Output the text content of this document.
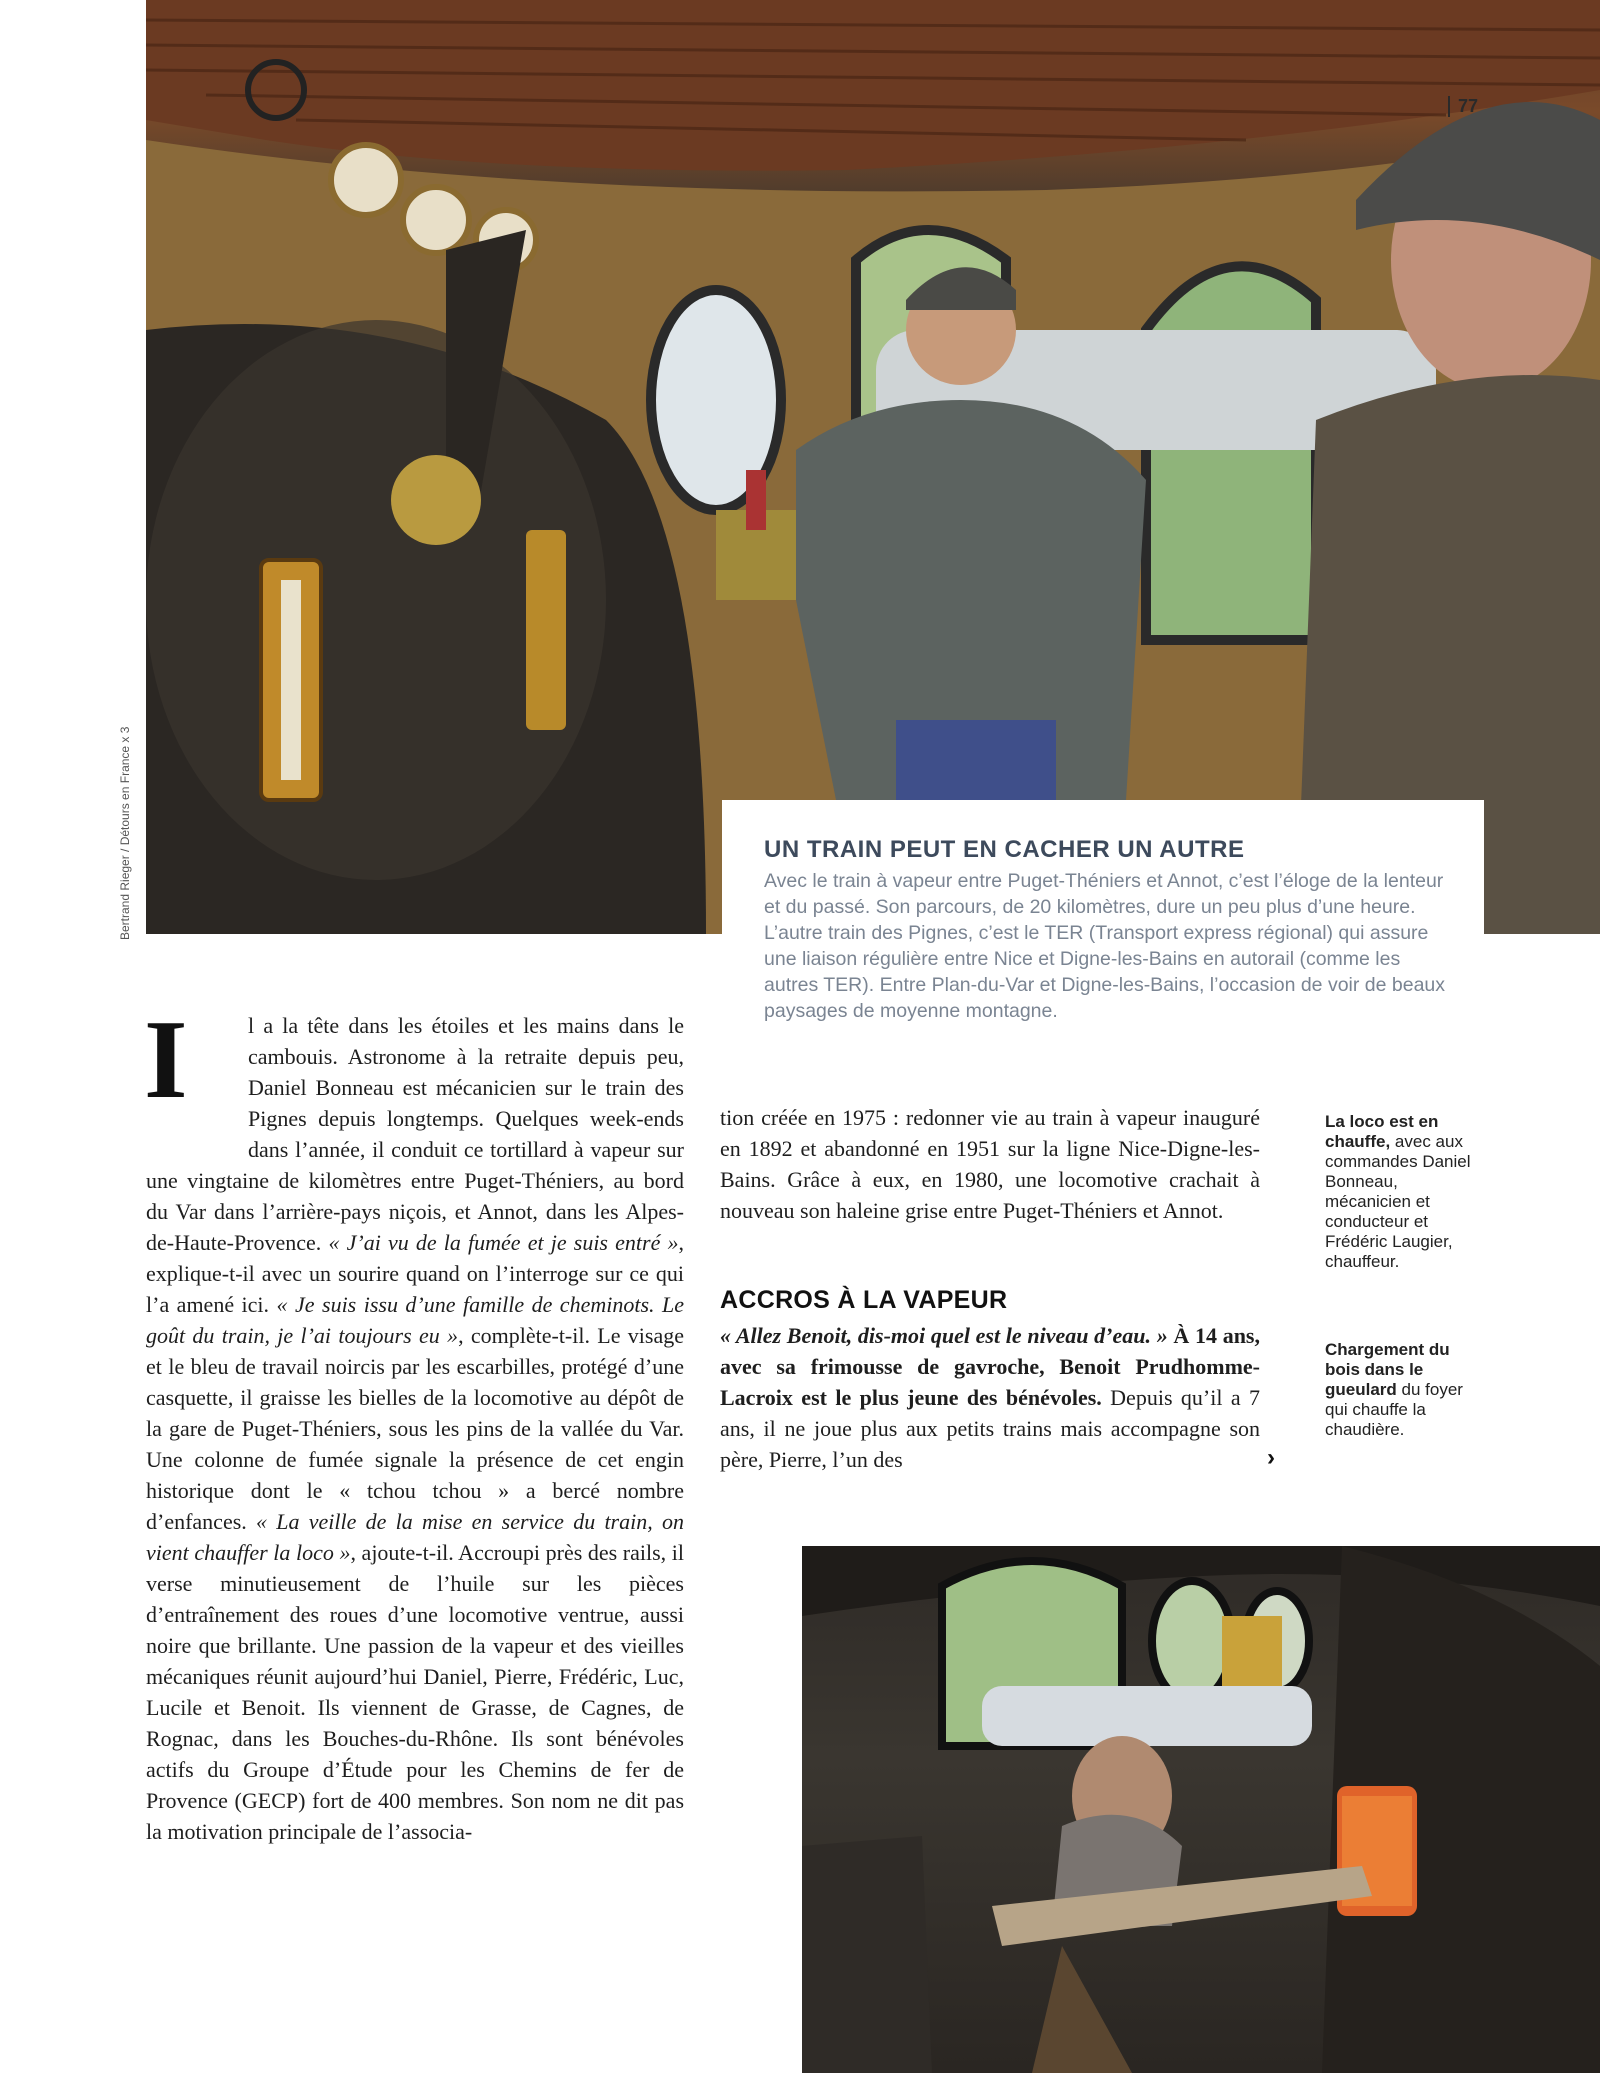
77
Bertrand Rieger / Détours en France x 3	UN TRAIN PEUT EN CACHER UN AUTRE

Avec le train à vapeur entre Puget-Théniers et Annot, c’est l’éloge de la lenteur et du passé. Son parcours, de 20 kilomètres, dure un peu plus d’une heure. L’autre train des Pignes, c’est le TER (Transport express régional) qui assure une liaison régulière entre Nice et Digne-les-Bains en autorail (comme les autres TER). Entre Plan-du-Var et Digne-les-Bains, l’occasion de voir de beaux paysages de moyenne montagne.

I	l a la tête dans les étoiles et les mains dans le cambouis. Astronome à la retraite depuis peu, Daniel Bonneau est mécanicien sur le train des Pignes depuis longtemps. Quelques week-ends dans l’année, il conduit ce tortillard à vapeur sur une vingtaine de kilomètres entre Puget-Théniers, au bord du Var dans l’arrière-pays niçois, et Annot, dans les Alpes-de-Haute-Provence. « J’ai vu de la fumée et je suis entré », explique-t-il avec un sourire quand on l’interroge sur ce qui l’a amené ici. « Je suis issu d’une famille de cheminots. Le goût du train, je l’ai toujours eu », complète-t-il. Le visage et le bleu de travail noircis par les escarbilles, protégé d’une casquette, il graisse les bielles de la locomotive au dépôt de la gare de Puget-Théniers, sous les pins de la vallée du Var. Une colonne de fumée signale la présence de cet engin historique dont le « tchou tchou » a bercé nombre d’enfances. « La veille de la mise en service du train, on vient chauffer la loco », ajoute-t-il. Accroupi près des rails, il verse minutieusement de l’huile sur les pièces d’entraînement des roues d’une locomotive ventrue, aussi noire que brillante. Une passion de la vapeur et des vieilles mécaniques réunit aujourd’hui Daniel, Pierre, Frédéric, Luc, Lucile et Benoit. Ils viennent de Grasse, de Cagnes, de Rognac, dans les Bouches-du-Rhône. Ils sont bénévoles actifs du Groupe d’Étude pour les Chemins de fer de Provence (GECP) fort de 400 membres. Son nom ne dit pas la motivation principale de l’associa-
tion créée en 1975 : redonner vie au train à vapeur inauguré en 1892 et abandonné en 1951 sur la ligne Nice-Digne-les-Bains. Grâce à eux, en 1980, une locomotive crachait à nouveau son haleine grise entre Puget-Théniers et Annot.
ACCROS À LA VAPEUR
« Allez Benoit, dis-moi quel est le niveau d’eau. » À 14 ans, avec sa frimousse de gavroche, Benoit Prudhomme-Lacroix est le plus jeune des bénévoles. Depuis qu’il a 7 ans, il ne joue plus aux petits trains mais accompagne son père, Pierre, l’un des	›
La loco est en chauffe, avec aux commandes Daniel Bonneau, mécanicien et conducteur et Frédéric Laugier, chauffeur.
Chargement du bois dans le gueulard du foyer qui chauffe la chaudière.
